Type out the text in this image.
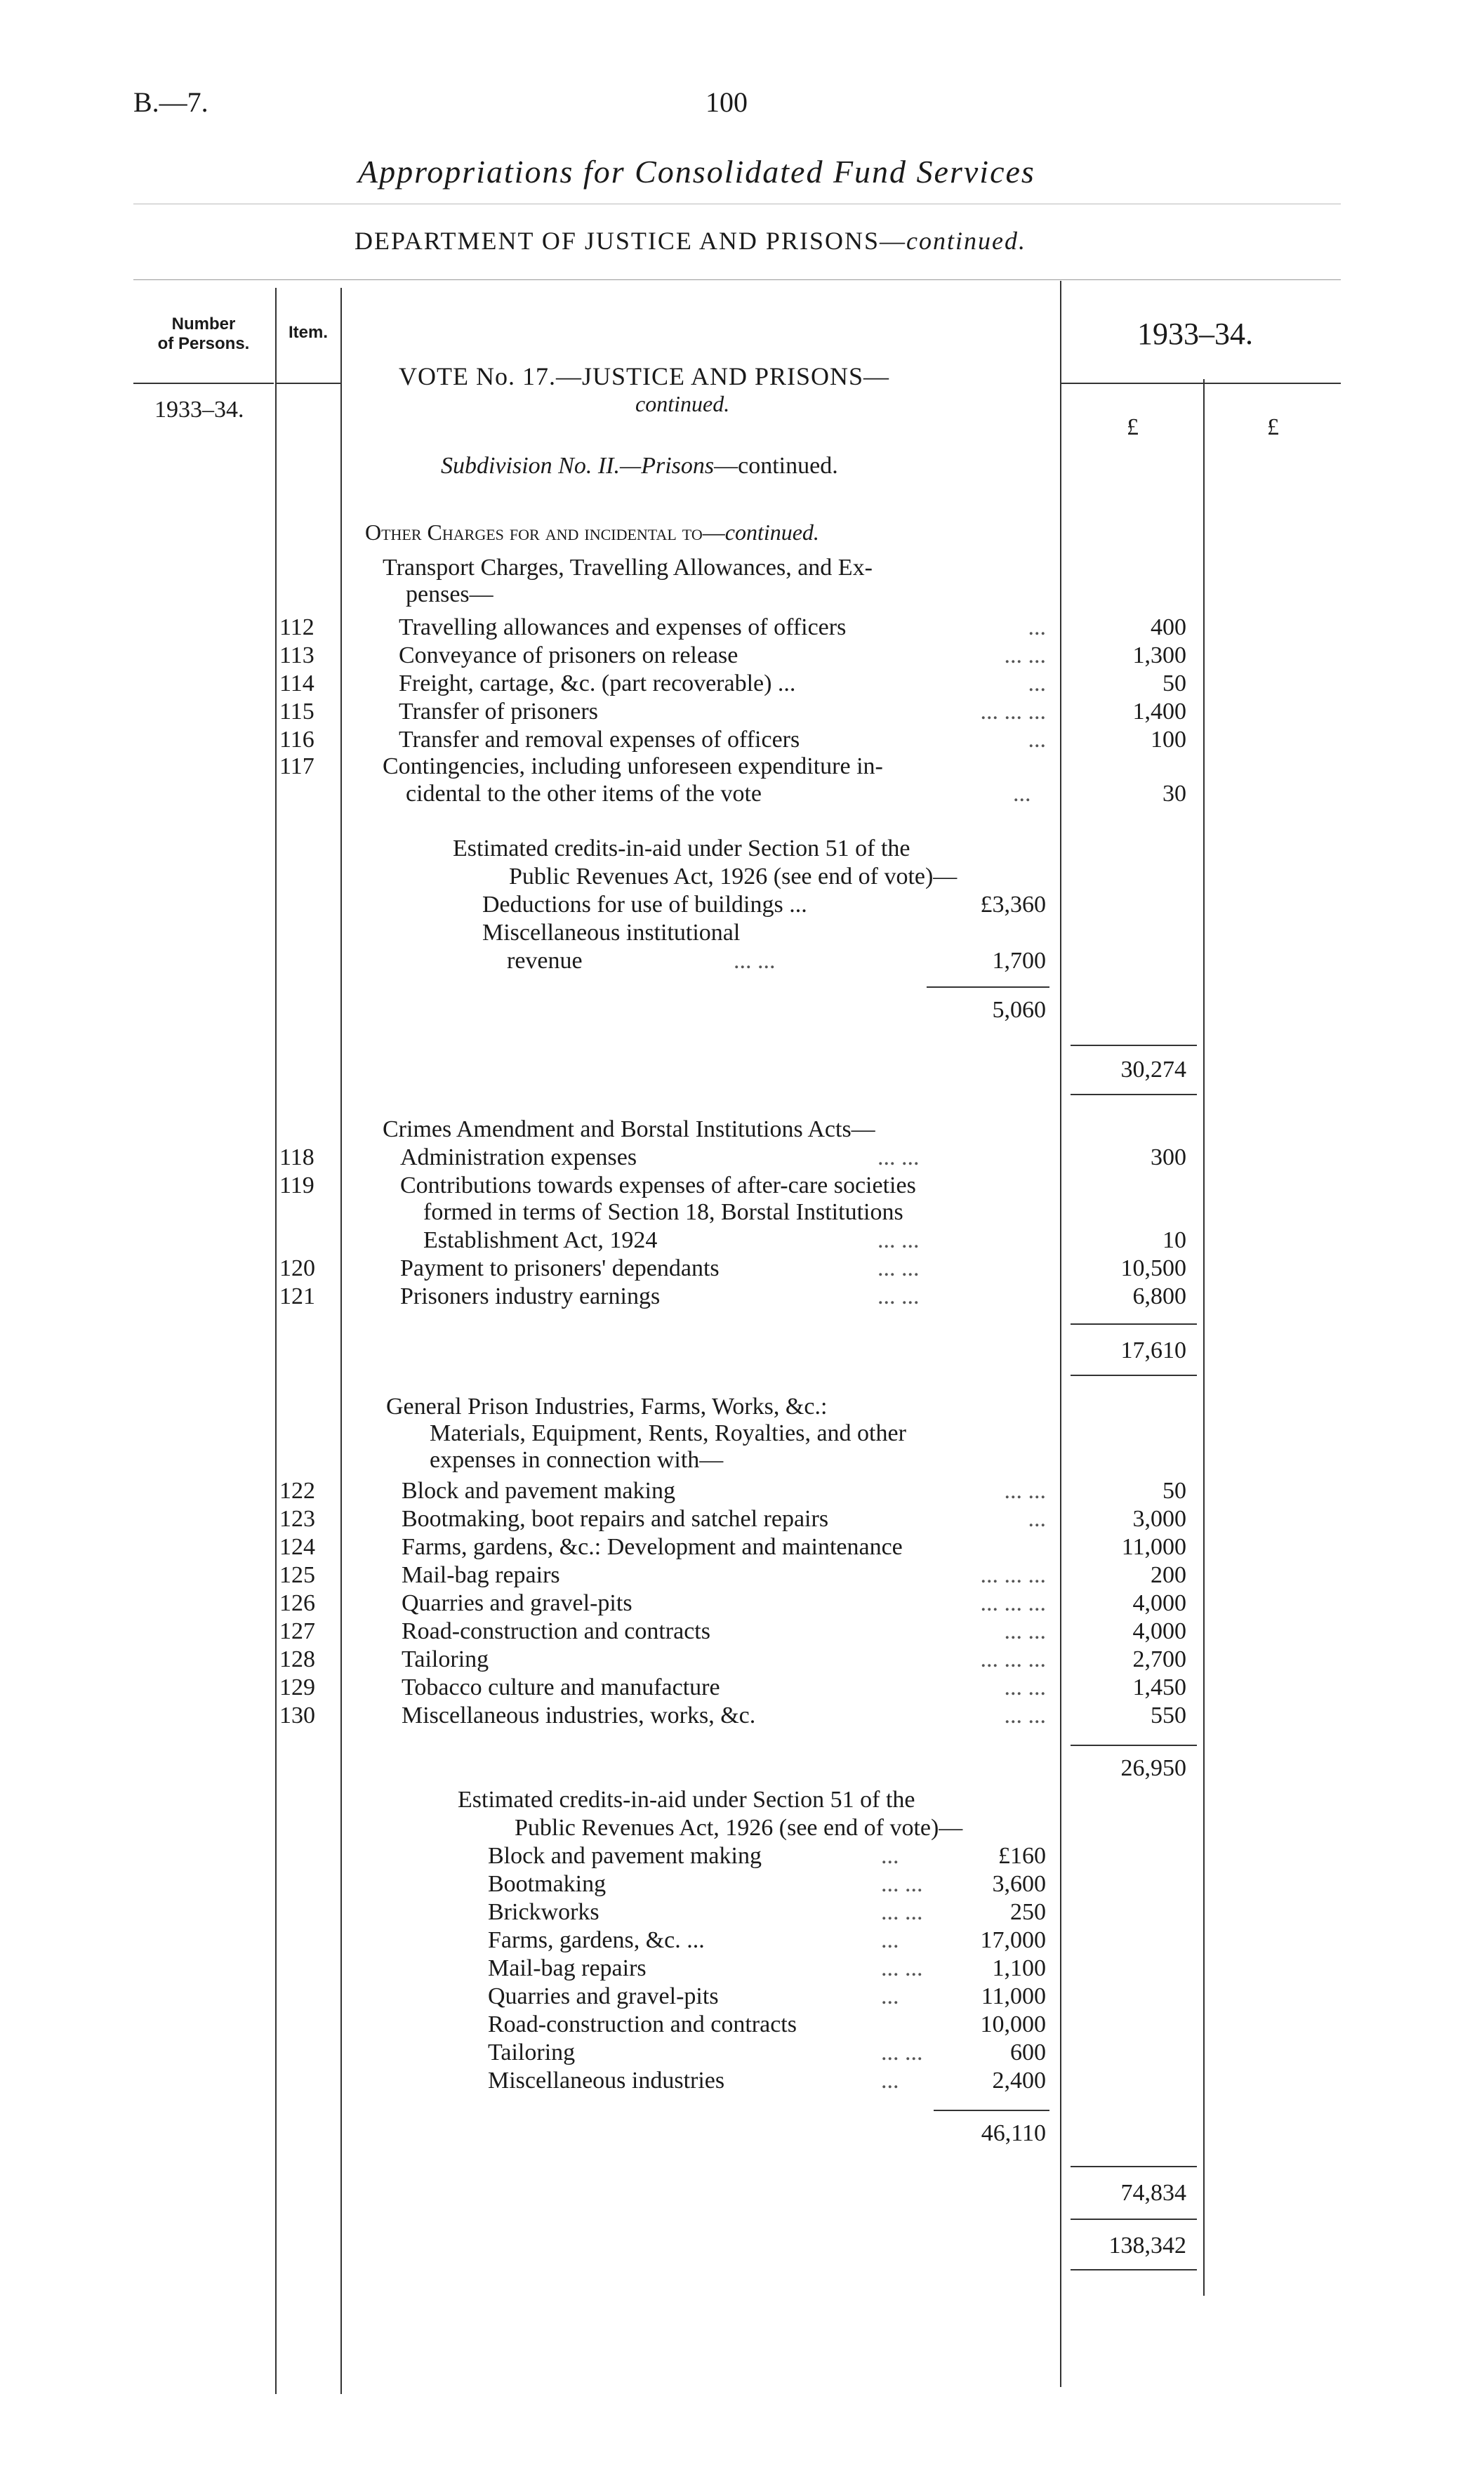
B.—7.	100
Appropriations for Consolidated Fund Services
DEPARTMENT OF JUSTICE AND PRISONS—continued.
Number
of Persons.
Item.	1933–34.
1933–34.
£	£
VOTE No. 17.—JUSTICE AND PRISONS—
continued.
Subdivision No. II.—Prisons—continued.
Other Charges for and incidental to—continued.
Transport Charges, Travelling Allowances, and Ex-
penses—
112	Travelling allowances and expenses of officers	...	400
113	Conveyance of prisoners on release	... ...	1,300
114	Freight, cartage, &c. (part recoverable) ...	...	50
115	Transfer of prisoners	... ... ...	1,400
116	Transfer and removal expenses of officers	...	100
117	Contingencies, including unforeseen expenditure in-
cidental to the other items of the vote	...	30
Estimated credits-in-aid under Section 51 of the
Public Revenues Act, 1926 (see end of vote)—
Deductions for use of buildings ...	£3,360
Miscellaneous institutional
revenue	... ...	1,700
5,060
30,274
Crimes Amendment and Borstal Institutions Acts—
118	Administration expenses	... ...	300
119	Contributions towards expenses of after-care societies
formed in terms of Section 18, Borstal Institutions
Establishment Act, 1924	... ...	10
120	Payment to prisoners' dependants	... ...	10,500
121	Prisoners industry earnings	... ...	6,800
17,610
General Prison Industries, Farms, Works, &c.:
Materials, Equipment, Rents, Royalties, and other
expenses in connection with—
122	Block and pavement making	... ...	50
123	Bootmaking, boot repairs and satchel repairs	...	3,000
124	Farms, gardens, &c.: Development and maintenance	11,000
125	Mail-bag repairs	... ... ...	200
126	Quarries and gravel-pits	... ... ...	4,000
127	Road-construction and contracts	... ...	4,000
128	Tailoring	... ... ...	2,700
129	Tobacco culture and manufacture	... ...	1,450
130	Miscellaneous industries, works, &c.	... ...	550
26,950
Estimated credits-in-aid under Section 51 of the
Public Revenues Act, 1926 (see end of vote)—
Block and pavement making	...	£160
Bootmaking	... ...	3,600
Brickworks	... ...	250
Farms, gardens, &c. ...	...	17,000
Mail-bag repairs	... ...	1,100
Quarries and gravel-pits	...	11,000
Road-construction and contracts	10,000
Tailoring	... ...	600
Miscellaneous industries	...	2,400
46,110
74,834
138,342
